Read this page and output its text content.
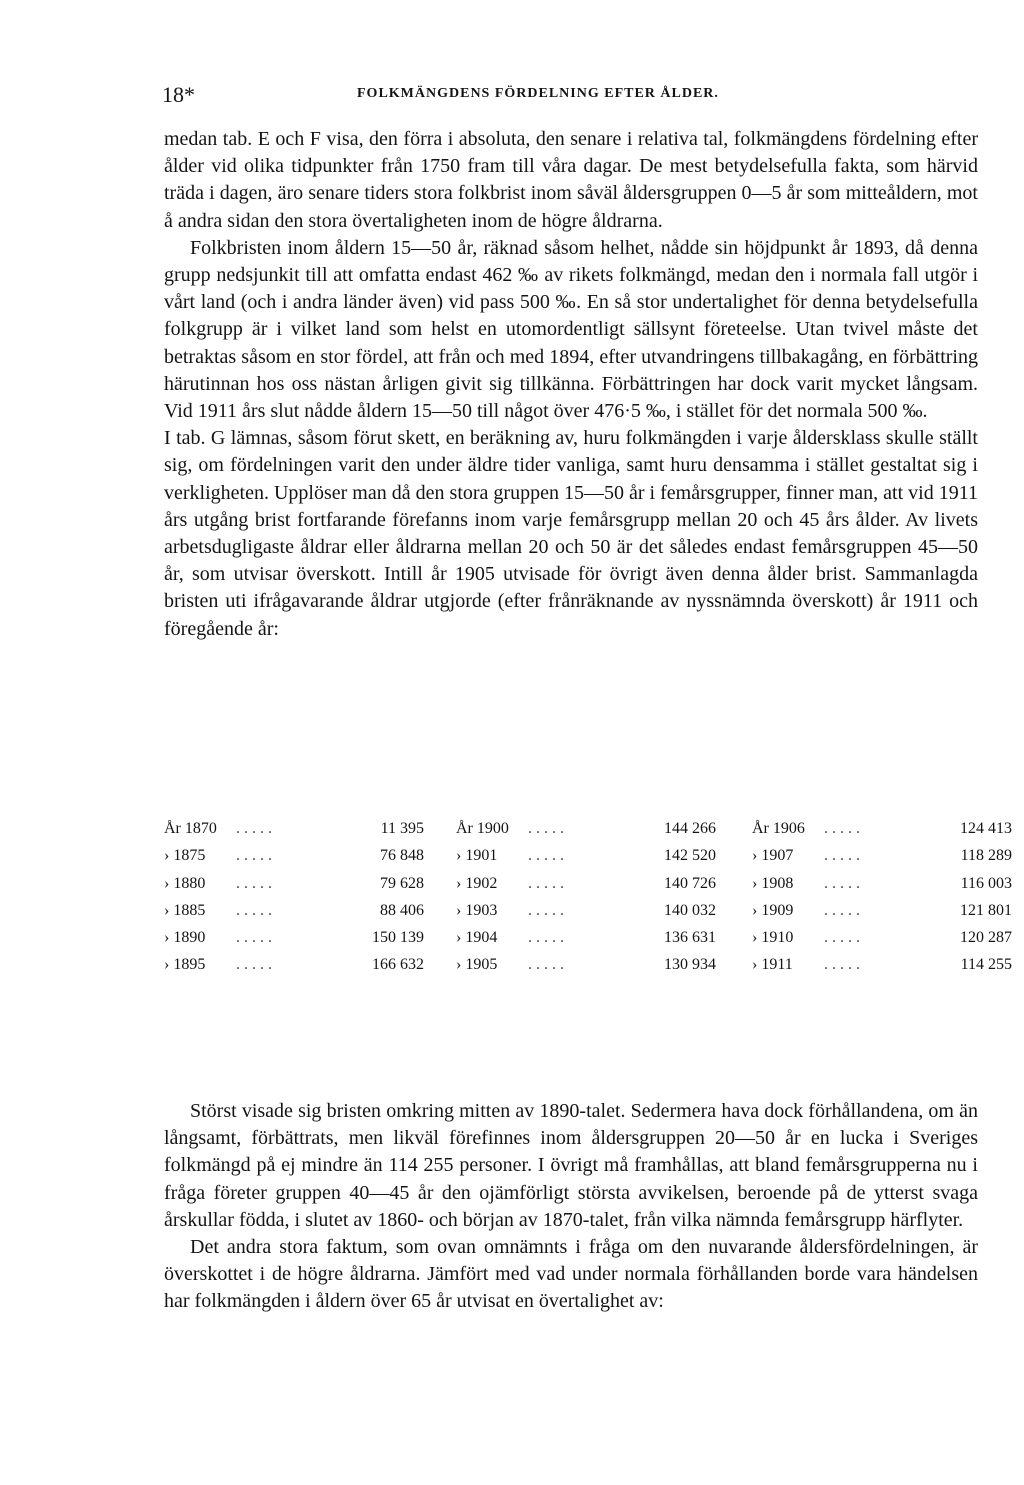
18*	FOLKMÄNGDENS FÖRDELNING EFTER ÅLDER.

medan tab. E och F visa, den förra i absoluta, den senare i relativa tal, folkmängdens fördelning efter ålder vid olika tidpunkter från 1750 fram till våra dagar. De mest betydelsefulla fakta, som härvid träda i dagen, äro senare tiders stora folkbrist inom såväl åldersgruppen 0—5 år som mitteåldern, mot å andra sidan den stora övertaligheten inom de högre åldrarna.

Folkbristen inom åldern 15—50 år, räknad såsom helhet, nådde sin höjdpunkt år 1893, då denna grupp nedsjunkit till att omfatta endast 462 ‰ av rikets folkmängd, medan den i normala fall utgör i vårt land (och i andra länder även) vid pass 500 ‰. En så stor undertalighet för denna betydelsefulla folkgrupp är i vilket land som helst en utomordentligt sällsynt företeelse. Utan tvivel måste det betraktas såsom en stor fördel, att från och med 1894, efter utvandringens tillbakagång, en förbättring härutinnan hos oss nästan årligen givit sig tillkänna. Förbättringen har dock varit mycket långsam. Vid 1911 års slut nådde åldern 15—50 till något över 476·5 ‰, i stället för det normala 500 ‰.

I tab. G lämnas, såsom förut skett, en beräkning av, huru folkmängden i varje åldersklass skulle ställt sig, om fördelningen varit den under äldre tider vanliga, samt huru densamma i stället gestaltat sig i verkligheten. Upplöser man då den stora gruppen 15—50 år i femårsgrupper, finner man, att vid 1911 års utgång brist fortfarande förefanns inom varje femårsgrupp mellan 20 och 45 års ålder. Av livets arbetsdugligaste åldrar eller åldrarna mellan 20 och 50 är det således endast femårsgruppen 45—50 år, som utvisar överskott. Intill år 1905 utvisade för övrigt även denna ålder brist. Sammanlagda bristen uti ifrågavarande åldrar utgjorde (efter frånräknande av nyssnämnda överskott) år 1911 och föregående år:

År 1870 . . . . .	11 395
› 1875 . . . . .	76 848
› 1880 . . . . .	79 628
› 1885 . . . . .	88 406
› 1890 . . . . .	150 139
› 1895 . . . . .	166 632
År 1900 . . . . .	144 266
› 1901 . . . . .	142 520
› 1902 . . . . .	140 726
› 1903 . . . . .	140 032
› 1904 . . . . .	136 631
› 1905 . . . . .	130 934
År 1906 . . . . .	124 413
› 1907 . . . . .	118 289
› 1908 . . . . .	116 003
› 1909 . . . . .	121 801
› 1910 . . . . .	120 287
› 1911 . . . . .	114 255

Störst visade sig bristen omkring mitten av 1890-talet. Sedermera hava dock förhållandena, om än långsamt, förbättrats, men likväl förefinnes inom åldersgruppen 20—50 år en lucka i Sveriges folkmängd på ej mindre än 114 255 personer. I övrigt må framhållas, att bland femårsgrupperna nu i fråga företer gruppen 40—45 år den ojämförligt största avvikelsen, beroende på de ytterst svaga årskullar födda, i slutet av 1860- och början av 1870-talet, från vilka nämnda femårsgrupp härflyter.

Det andra stora faktum, som ovan omnämnts i fråga om den nuvarande åldersfördelningen, är överskottet i de högre åldrarna. Jämfört med vad under normala förhållanden borde vara händelsen har folkmängden i åldern över 65 år utvisat en övertalighet av:
